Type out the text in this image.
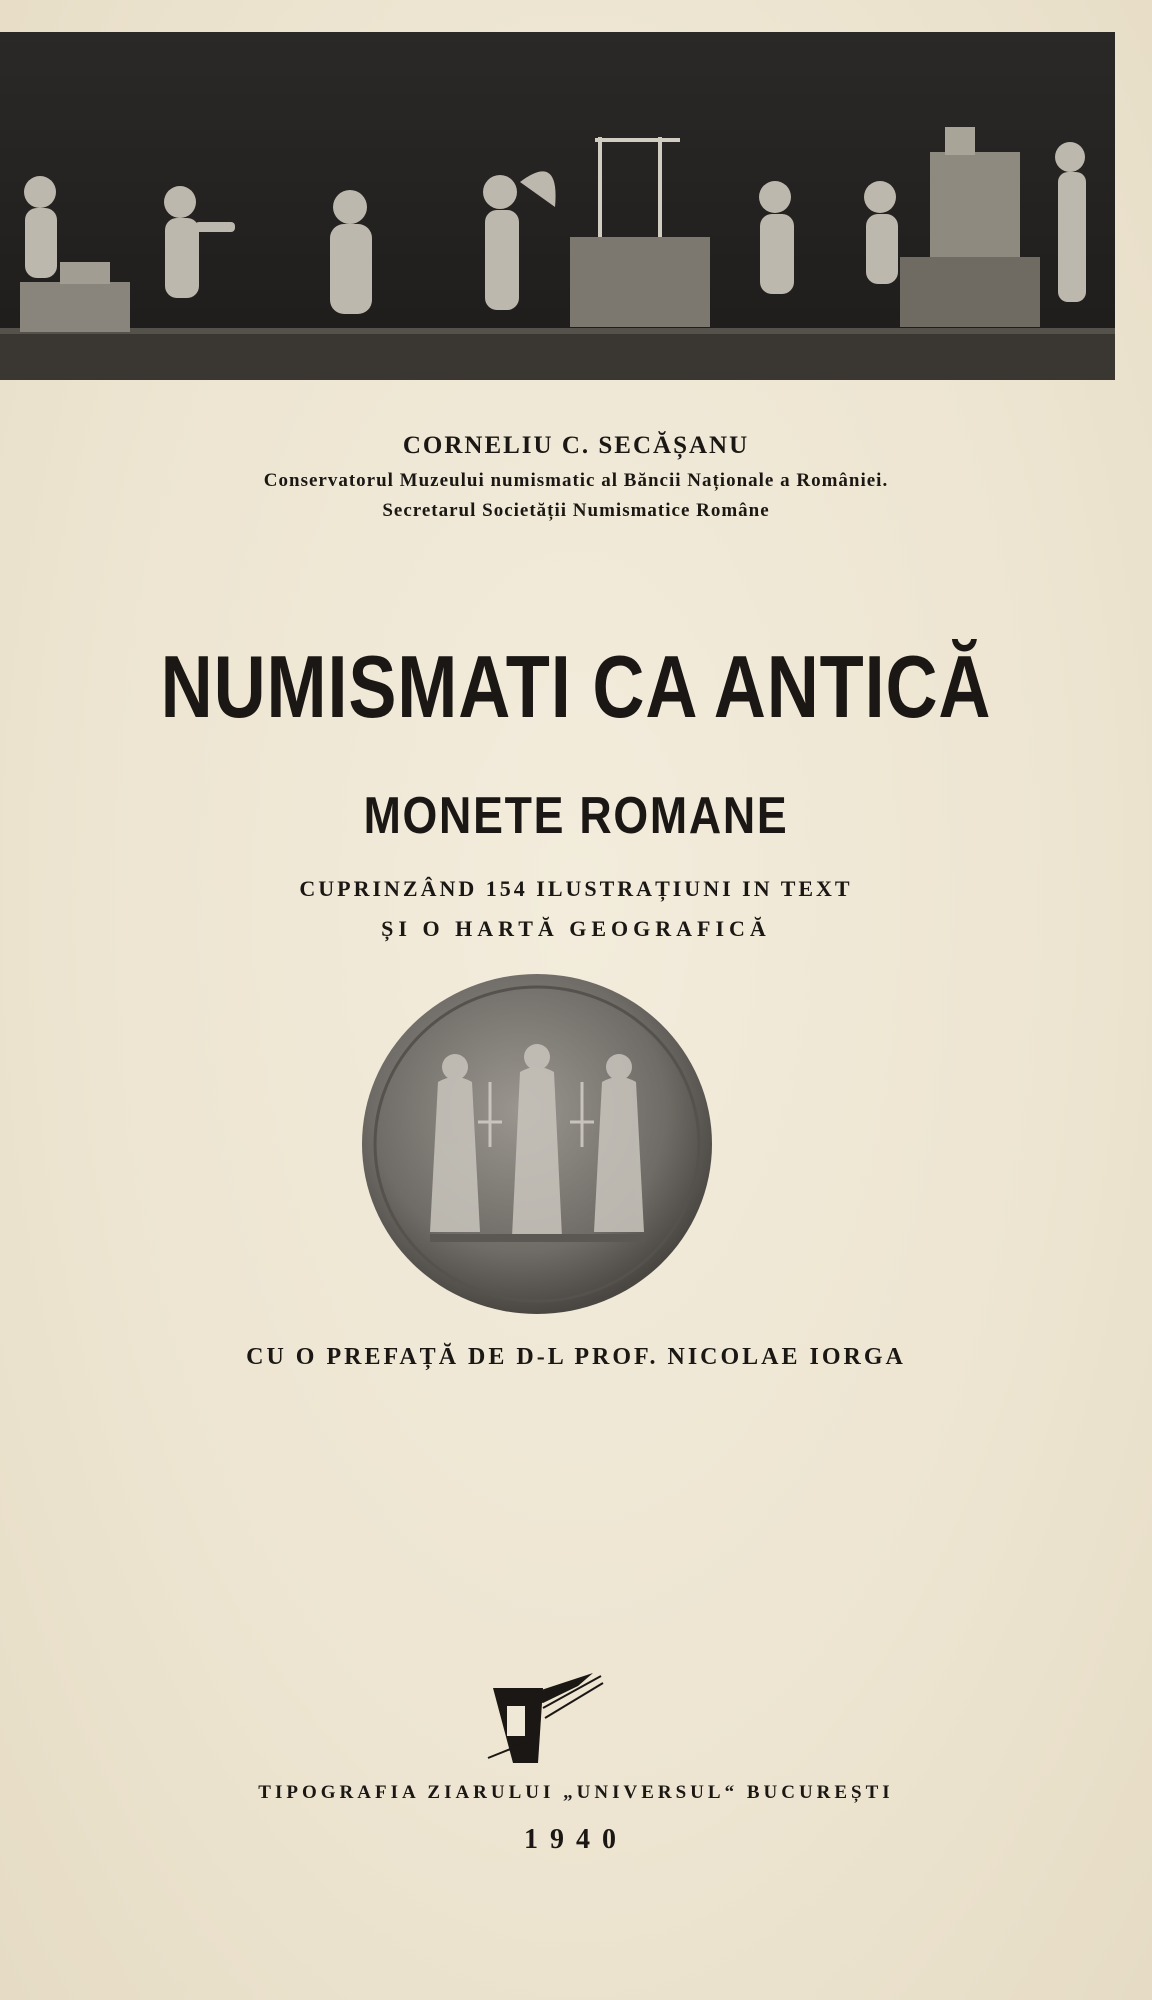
CORNELIU C. SECĂȘANU
Conservatorul Muzeului numismatic al Băncii Naționale a României.
Secretarul Societății Numismatice Române
NUMISMATI CA ANTICĂ
MONETE ROMANE
CUPRINZÂND 154 ILUSTRAȚIUNI IN TEXT
ȘI O HARTĂ GEOGRAFICĂ
CU O PREFAȚĂ DE D-L PROF. NICOLAE IORGA
TIPOGRAFIA ZIARULUI „UNIVERSUL“ BUCUREȘTI
1940
